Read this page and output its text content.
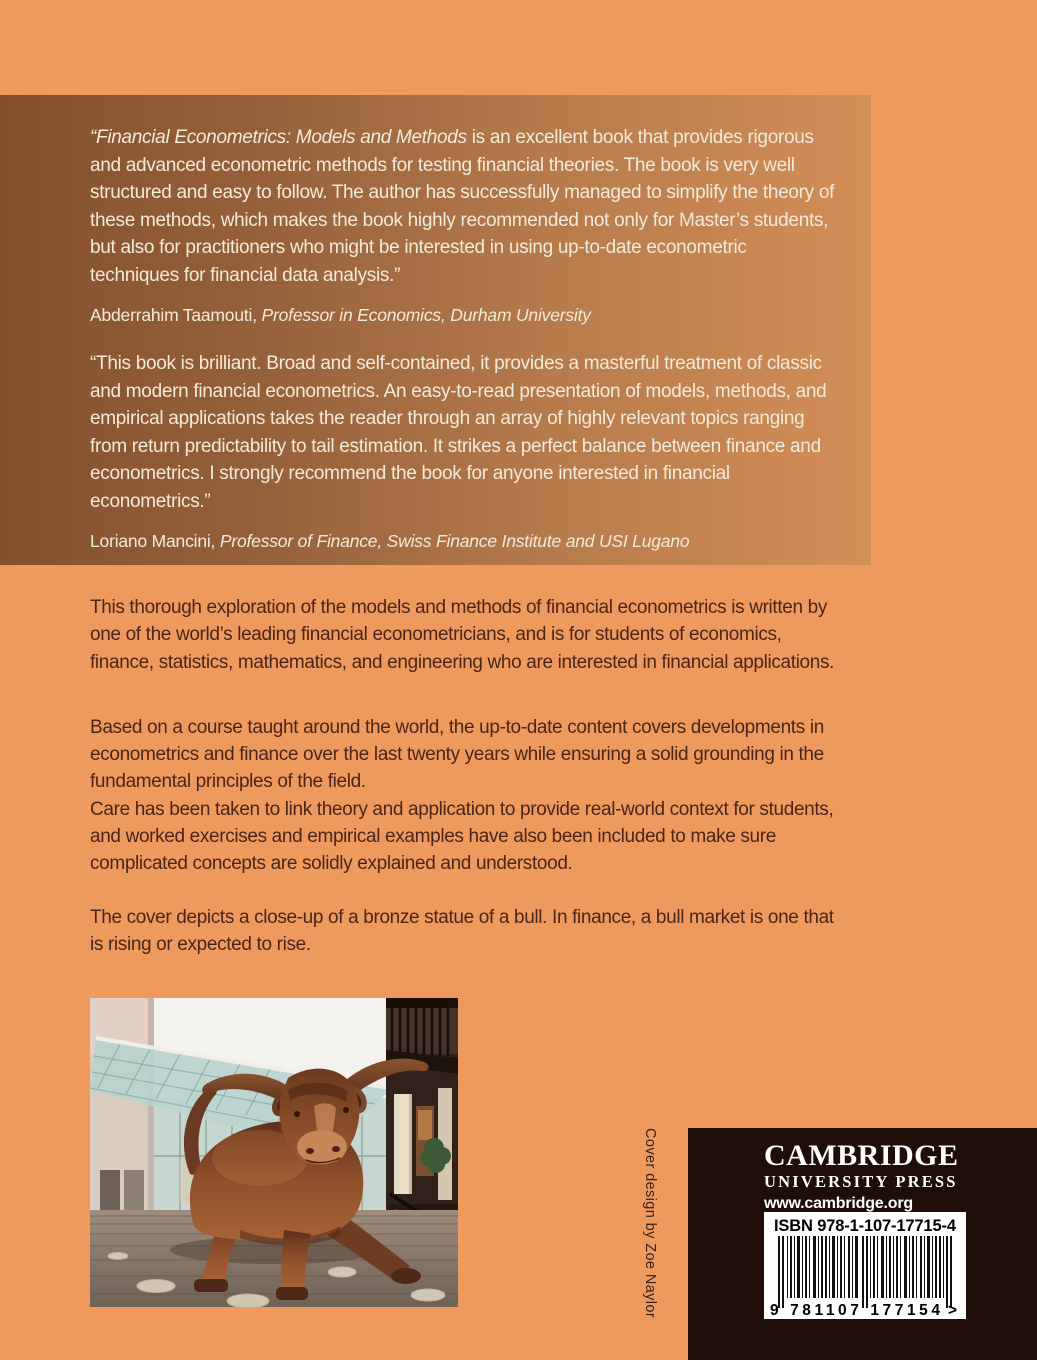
“Financial Econometrics: Models and Methods is an excellent book that provides rigorous and advanced econometric methods for testing financial theories. The book is very well structured and easy to follow. The author has successfully managed to simplify the theory of these methods, which makes the book highly recommended not only for Master’s students, but also for practitioners who might be interested in using up-to-date econometric techniques for financial data analysis.”

Abderrahim Taamouti, Professor in Economics, Durham University

“This book is brilliant. Broad and self-contained, it provides a masterful treatment of classic and modern financial econometrics. An easy-to-read presentation of models, methods, and empirical applications takes the reader through an array of highly relevant topics ranging from return predictability to tail estimation. It strikes a perfect balance between finance and econometrics. I strongly recommend the book for anyone interested in financial econometrics.”

Loriano Mancini, Professor of Finance, Swiss Finance Institute and USI Lugano

This thorough exploration of the models and methods of financial econometrics is written by one of the world’s leading financial econometricians, and is for students of economics, finance, statistics, mathematics, and engineering who are interested in financial applications.

Based on a course taught around the world, the up-to-date content covers developments in econometrics and finance over the last twenty years while ensuring a solid grounding in the fundamental principles of the field.

Care has been taken to link theory and application to provide real-world context for students, and worked exercises and empirical examples have also been included to make sure complicated concepts are solidly explained and understood.

The cover depicts a close-up of a bronze statue of a bull. In finance, a bull market is one that is rising or expected to rise.

Cover design by Zoe Naylor	CAMBRIDGE
UNIVERSITY PRESS
www.cambridge.org
ISBN 978-1-107-17715-4
9 781107 177154 >
